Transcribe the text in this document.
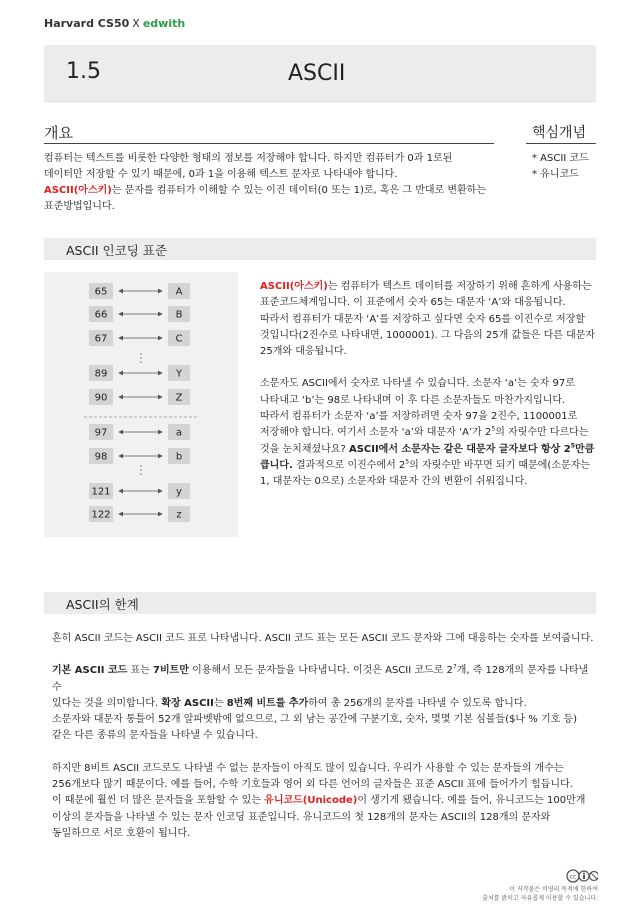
Harvard CS50 X edwith
1.5	ASCII
개요	핵심개념
* ASCII 코드
* 유니코드

컴퓨터는 텍스트를 비롯한 다양한 형태의 정보를 저장해야 합니다. 하지만 컴퓨터가 0과 1로된

데이터만 저장할 수 있기 때문에, 0과 1을 이용해 텍스트 문자로 나타내야 합니다.

ASCII(아스키)는 문자를 컴퓨터가 이해할 수 있는 이진 데이터(0 또는 1)로, 혹은 그 반대로 변환하는

표준방법입니다.

ASCII 인코딩 표준
65	A
66	B
67	C
89	Y
90	Z
97	a
98	b
121	y
122	z

ASCII(아스키)는 컴퓨터가 텍스트 데이터를 저장하기 위해 흔하게 사용하는

표준코드체계입니다. 이 표준에서 숫자 65는 대문자 ‘A’와 대응됩니다.

따라서 컴퓨터가 대문자 ‘A’를 저장하고 싶다면 숫자 65를 이진수로 저장할

것입니다(2진수로 나타내면, 1000001). 그 다음의 25개 값들은 다른 대문자

25개와 대응됩니다.

소문자도 ASCII에서 숫자로 나타낼 수 있습니다. 소문자 ‘a’는 숫자 97로

나타내고 ‘b’는 98로 나타내며 이 후 다른 소문자들도 마찬가지입니다.

따라서 컴퓨터가 소문자 ‘a’를 저장하려면 숫자 97을 2진수, 1100001로

저장해야 합니다. 여기서 소문자 ‘a’와 대문자 ‘A’가 $2^5$의 자릿수만 다르다는

것을 눈치채셨나요? ASCII에서 소문자는 같은 대문자 글자보다 항상 $2^5$만큼

큽니다. 결과적으로 이진수에서 $2^5$의 자릿수만 바꾸면 되기 때문에(소문자는

1, 대문자는 0으로) 소문자와 대문자 간의 변환이 쉬워집니다.

ASCII의 한계

흔히 ASCII 코드는 ASCII 코드 표로 나타냅니다. ASCII 코드 표는 모든 ASCII 코드 문자와 그에 대응하는 숫자를 보여줍니다.

기본 ASCII 코드 표는 7비트만 이용해서 모든 문자들을 나타냅니다. 이것은 ASCII 코드로 $2^7$개, 즉 128개의 문자를 나타낼 수

있다는 것을 의미합니다. 확장 ASCII는 8번째 비트를 추가하여 총 256개의 문자를 나타낼 수 있도록 합니다.

소문자와 대문자 통틀어 52개 알파벳밖에 없으므로, 그 외 남는 공간에 구분기호, 숫자, 몇몇 기본 심볼들($나 % 기호 등)

같은 다른 종류의 문자들을 나타낼 수 있습니다.

하지만 8비트 ASCII 코드로도 나타낼 수 없는 문자들이 아직도 많이 있습니다. 우리가 사용할 수 있는 문자들의 개수는

256개보다 많기 때문이다. 예를 들어, 수학 기호들과 영어 외 다른 언어의 글자들은 표준 ASCII 표에 들어가기 힘듭니다.

이 때문에 훨씬 더 많은 문자들을 포함할 수 있는 유니코드(Unicode)이 생기게 됐습니다. 예를 들어, 유니코드는 100만개

이상의 문자들을 나타낼 수 있는 문자 인코딩 표준입니다. 유니코드의 첫 128개의 문자는 ASCII의 128개의 문자와

동일하므로 서로 호환이 됩니다.

cc
이 저작물은 비영리 목적에 한하여
출처를 밝히고 자유롭게 이용할 수 있습니다.
